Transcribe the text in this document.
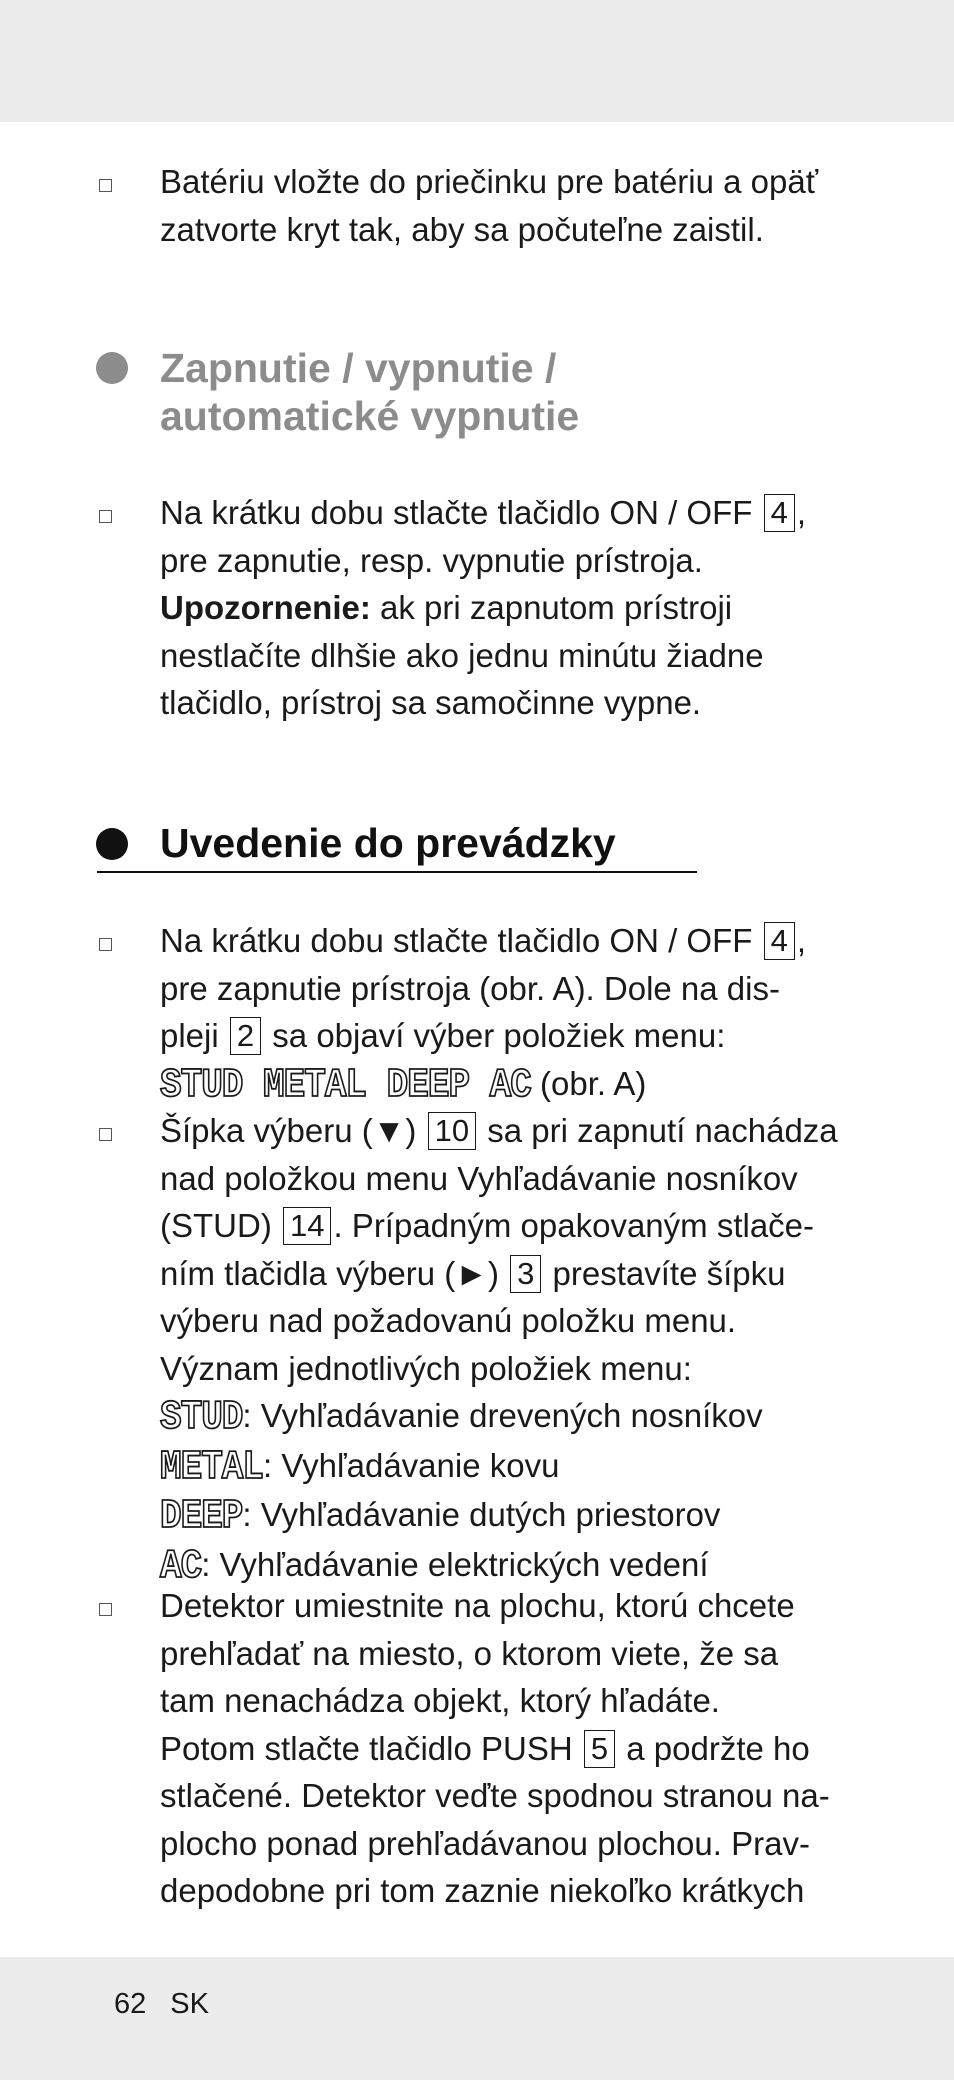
Batériu vložte do priečinku pre batériu a opäť

zatvorte kryt tak, aby sa počuteľne zaistil.

Zapnutie / vypnutie /
automatické vypnutie

Na krátku dobu stlačte tlačidlo ON / OFF 4 ,

pre zapnutie, resp. vypnutie prístroja.

Upozornenie: ak pri zapnutom prístroji

nestlačíte dlhšie ako jednu minútu žiadne

tlačidlo, prístroj sa samočinne vypne.

Uvedenie do prevádzky

Na krátku dobu stlačte tlačidlo ON / OFF 4 ,

pre zapnutie prístroja (obr. A). Dole na dis-

pleji 2 sa objaví výber položiek menu:

STUD METAL DEEP AC (obr. A)

Šípka výberu (▼) 10 sa pri zapnutí nachádza

nad položkou menu Vyhľadávanie nosníkov

(STUD) 14 . Prípadným opakovaným stlače-

ním tlačidla výberu (►) 3 prestavíte šípku

výberu nad požadovanú položku menu.

Význam jednotlivých položiek menu:

STUD: Vyhľadávanie drevených nosníkov

METAL: Vyhľadávanie kovu

DEEP: Vyhľadávanie dutých priestorov

AC: Vyhľadávanie elektrických vedení

Detektor umiestnite na plochu, ktorú chcete

prehľadať na miesto, o ktorom viete, že sa

tam nenachádza objekt, ktorý hľadáte.

Potom stlačte tlačidlo PUSH 5 a podržte ho

stlačené. Detektor veďte spodnou stranou na-

plocho ponad prehľadávanou plochou. Prav-

depodobne pri tom zaznie niekoľko krátkych

62 SK
